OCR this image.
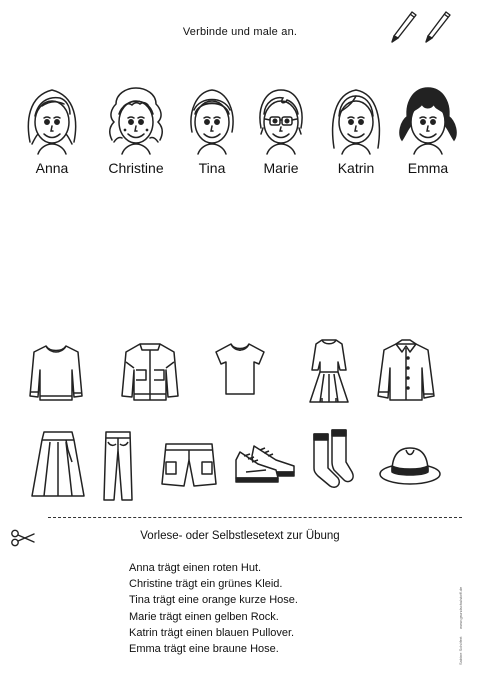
Verbinde und male an.
Anna	Christine	Tina	Marie	Katrin	Emma
Vorlese- oder Selbstlesetext zur Übung
Anna trägt einen roten Hut.
Christine trägt ein grünes Kleid.
Tina trägt eine orange kurze Hose.
Marie trägt einen gelben Rock.
Katrin trägt einen blauen Pullover.
Emma trägt eine braune Hose.	Sabine Schöfert www.grundschulstoff.de
